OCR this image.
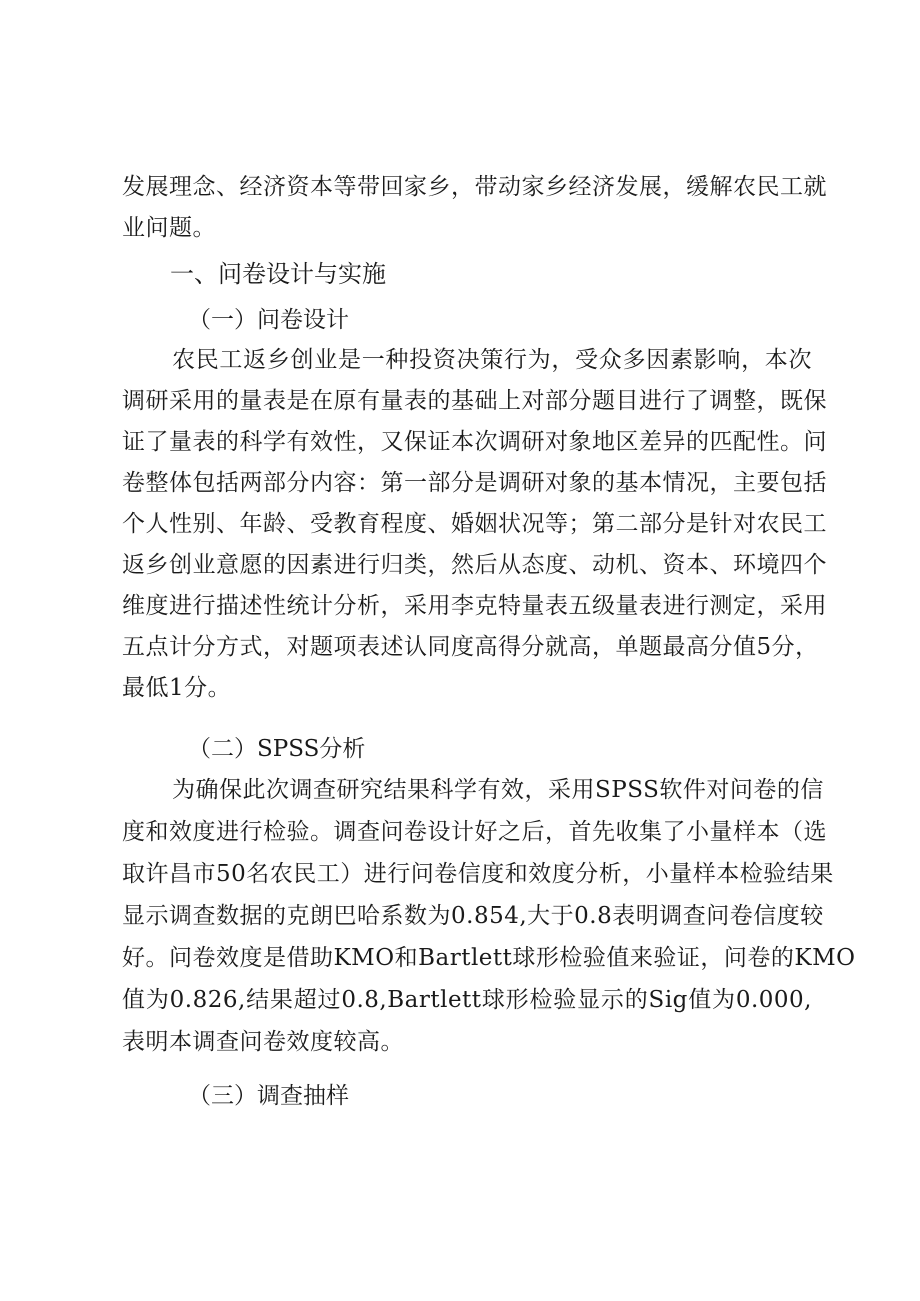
发展理念、经济资本等带回家乡，带动家乡经济发展，缓解农民工就
业问题。
一、问卷设计与实施
（一）问卷设计
农民工返乡创业是一种投资决策行为，受众多因素影响，本次
调研采用的量表是在原有量表的基础上对部分题目进行了调整，既保
证了量表的科学有效性，又保证本次调研对象地区差异的匹配性。问
卷整体包括两部分内容：第一部分是调研对象的基本情况，主要包括
个人性别、年龄、受教育程度、婚姻状况等；第二部分是针对农民工
返乡创业意愿的因素进行归类，然后从态度、动机、资本、环境四个
维度进行描述性统计分析，采用李克特量表五级量表进行测定，采用
五点计分方式，对题项表述认同度高得分就高，单题最高分值5分，
最低1分。
（二）SPSS分析
为确保此次调查研究结果科学有效，采用SPSS软件对问卷的信
度和效度进行检验。调查问卷设计好之后，首先收集了小量样本（选
取许昌市50名农民工）进行问卷信度和效度分析，小量样本检验结果
显示调查数据的克朗巴哈系数为0.854,大于0.8表明调查问卷信度较
好。问卷效度是借助KMO和Bartlett球形检验值来验证，问卷的KMO
值为0.826,结果超过0.8,Bartlett球形检验显示的Sig值为0.000,
表明本调查问卷效度较高。
（三）调查抽样
